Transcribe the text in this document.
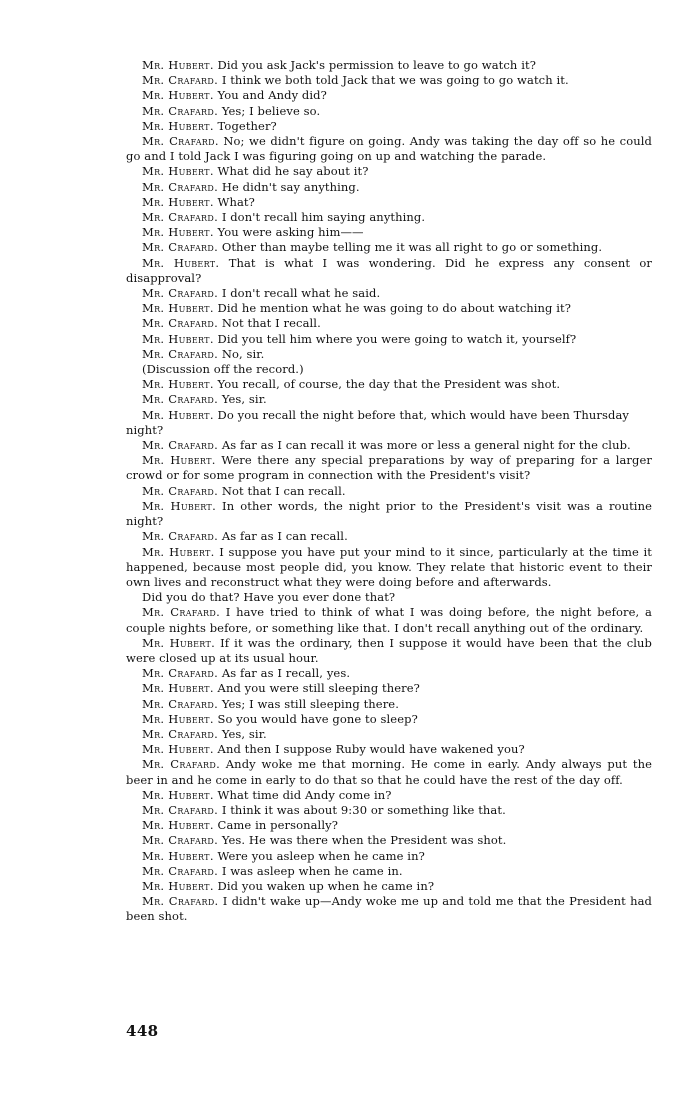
Mr. Hubert. Did you ask Jack's permission to leave to go watch it?

Mr. Crafard. I think we both told Jack that we was going to go watch it.

Mr. Hubert. You and Andy did?

Mr. Crafard. Yes; I believe so.

Mr. Hubert. Together?

Mr. Crafard. No; we didn't figure on going. Andy was taking the day off so he could go and I told Jack I was figuring going on up and watching the parade.

Mr. Hubert. What did he say about it?

Mr. Crafard. He didn't say anything.

Mr. Hubert. What?

Mr. Crafard. I don't recall him saying anything.

Mr. Hubert. You were asking him——

Mr. Crafard. Other than maybe telling me it was all right to go or something.

Mr. Hubert. That is what I was wondering. Did he express any consent or disapproval?

Mr. Crafard. I don't recall what he said.

Mr. Hubert. Did he mention what he was going to do about watching it?

Mr. Crafard. Not that I recall.

Mr. Hubert. Did you tell him where you were going to watch it, yourself?

Mr. Crafard. No, sir.

(Discussion off the record.)

Mr. Hubert. You recall, of course, the day that the President was shot.

Mr. Crafard. Yes, sir.

Mr. Hubert. Do you recall the night before that, which would have been Thursday night?

Mr. Crafard. As far as I can recall it was more or less a general night for the club.

Mr. Hubert. Were there any special preparations by way of preparing for a larger crowd or for some program in connection with the President's visit?

Mr. Crafard. Not that I can recall.

Mr. Hubert. In other words, the night prior to the President's visit was a routine night?

Mr. Crafard. As far as I can recall.

Mr. Hubert. I suppose you have put your mind to it since, particularly at the time it happened, because most people did, you know. They relate that historic event to their own lives and reconstruct what they were doing before and afterwards.

Did you do that? Have you ever done that?

Mr. Crafard. I have tried to think of what I was doing before, the night before, a couple nights before, or something like that. I don't recall anything out of the ordinary.

Mr. Hubert. If it was the ordinary, then I suppose it would have been that the club were closed up at its usual hour.

Mr. Crafard. As far as I recall, yes.

Mr. Hubert. And you were still sleeping there?

Mr. Crafard. Yes; I was still sleeping there.

Mr. Hubert. So you would have gone to sleep?

Mr. Crafard. Yes, sir.

Mr. Hubert. And then I suppose Ruby would have wakened you?

Mr. Crafard. Andy woke me that morning. He come in early. Andy always put the beer in and he come in early to do that so that he could have the rest of the day off.

Mr. Hubert. What time did Andy come in?

Mr. Crafard. I think it was about 9:30 or something like that.

Mr. Hubert. Came in personally?

Mr. Crafard. Yes. He was there when the President was shot.

Mr. Hubert. Were you asleep when he came in?

Mr. Crafard. I was asleep when he came in.

Mr. Hubert. Did you waken up when he came in?

Mr. Crafard. I didn't wake up—Andy woke me up and told me that the President had been shot.

448
